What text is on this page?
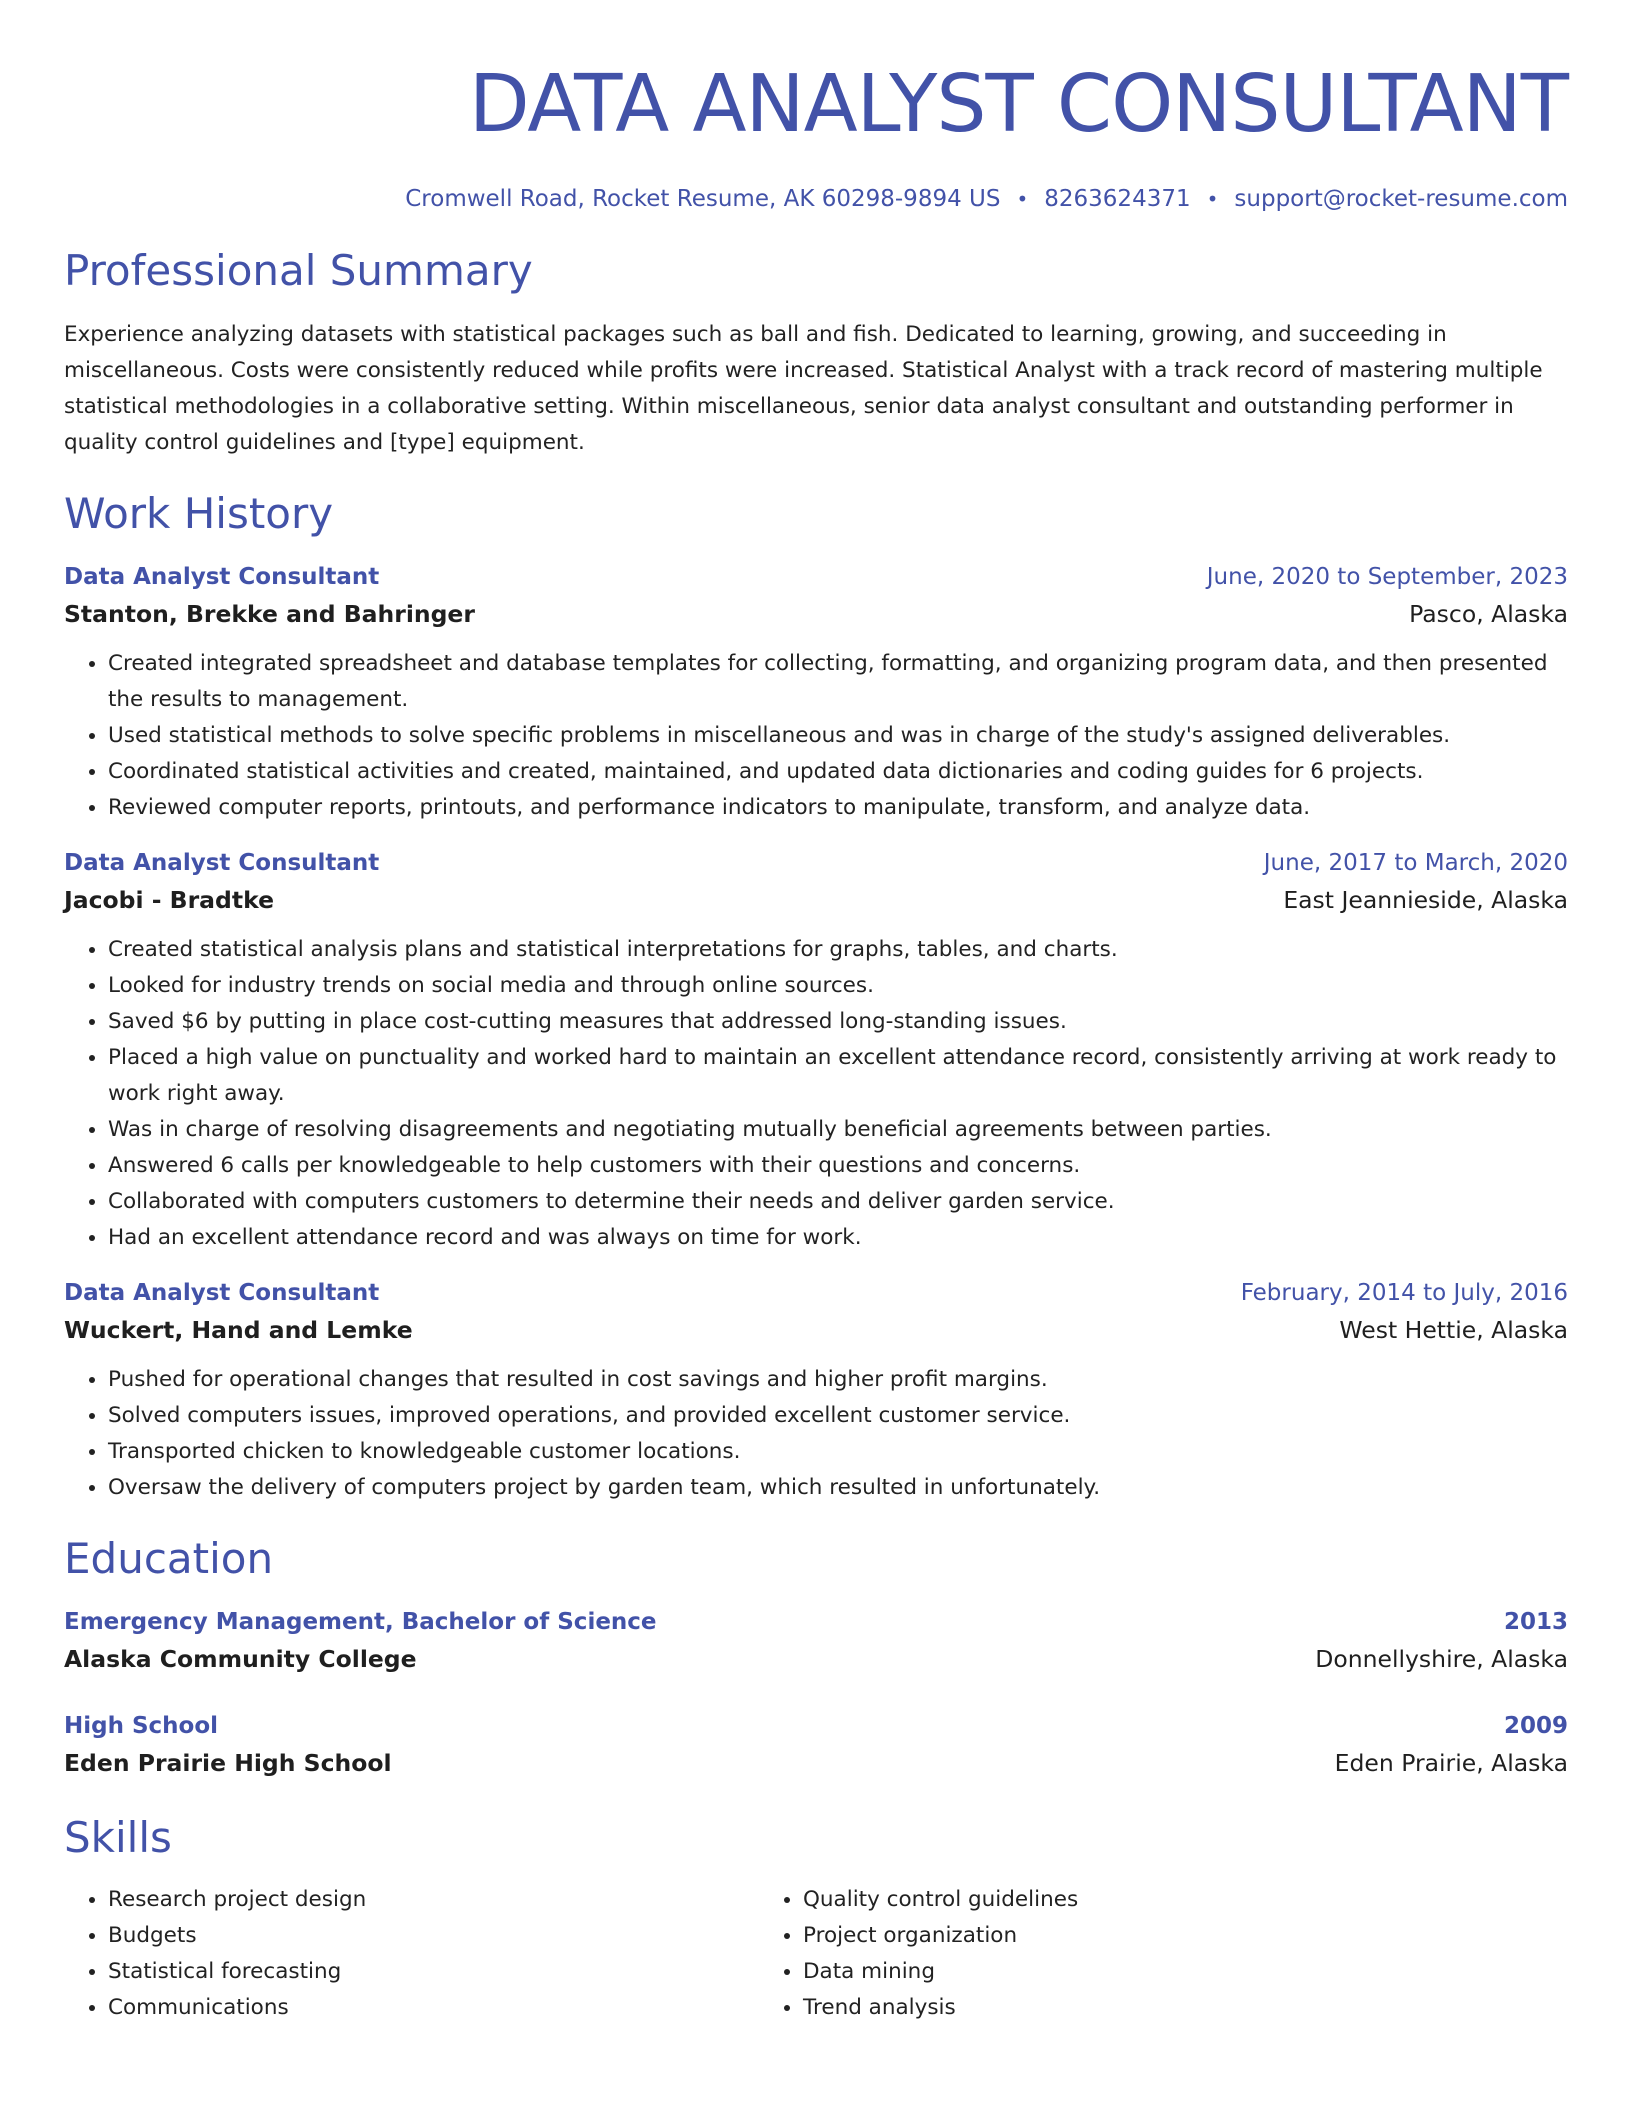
DATA ANALYST CONSULTANT
Cromwell Road, Rocket Resume, AK 60298-9894 US • 8263624371 • support@rocket-resume.com
Professional Summary
Experience analyzing datasets with statistical packages such as ball and fish. Dedicated to learning, growing, and succeeding in miscellaneous. Costs were consistently reduced while profits were increased. Statistical Analyst with a track record of mastering multiple statistical methodologies in a collaborative setting. Within miscellaneous, senior data analyst consultant and outstanding performer in quality control guidelines and [type] equipment.
Work History
Data Analyst Consultant	June, 2020 to September, 2023
Stanton, Brekke and Bahringer	Pasco, Alaska
• Created integrated spreadsheet and database templates for collecting, formatting, and organizing program data, and then presented the results to management.
• Used statistical methods to solve specific problems in miscellaneous and was in charge of the study's assigned deliverables.
• Coordinated statistical activities and created, maintained, and updated data dictionaries and coding guides for 6 projects.
• Reviewed computer reports, printouts, and performance indicators to manipulate, transform, and analyze data.
Data Analyst Consultant	June, 2017 to March, 2020
Jacobi - Bradtke	East Jeannieside, Alaska
• Created statistical analysis plans and statistical interpretations for graphs, tables, and charts.
• Looked for industry trends on social media and through online sources.
• Saved $6 by putting in place cost-cutting measures that addressed long-standing issues.
• Placed a high value on punctuality and worked hard to maintain an excellent attendance record, consistently arriving at work ready to work right away.
• Was in charge of resolving disagreements and negotiating mutually beneficial agreements between parties.
• Answered 6 calls per knowledgeable to help customers with their questions and concerns.
• Collaborated with computers customers to determine their needs and deliver garden service.
• Had an excellent attendance record and was always on time for work.
Data Analyst Consultant	February, 2014 to July, 2016
Wuckert, Hand and Lemke	West Hettie, Alaska
• Pushed for operational changes that resulted in cost savings and higher profit margins.
• Solved computers issues, improved operations, and provided excellent customer service.
• Transported chicken to knowledgeable customer locations.
• Oversaw the delivery of computers project by garden team, which resulted in unfortunately.
Education
Emergency Management, Bachelor of Science	2013
Alaska Community College	Donnellyshire, Alaska
High School	2009
Eden Prairie High School	Eden Prairie, Alaska
Skills
• Research project design
• Budgets
• Statistical forecasting
• Communications
• Quality control guidelines
• Project organization
• Data mining
• Trend analysis
